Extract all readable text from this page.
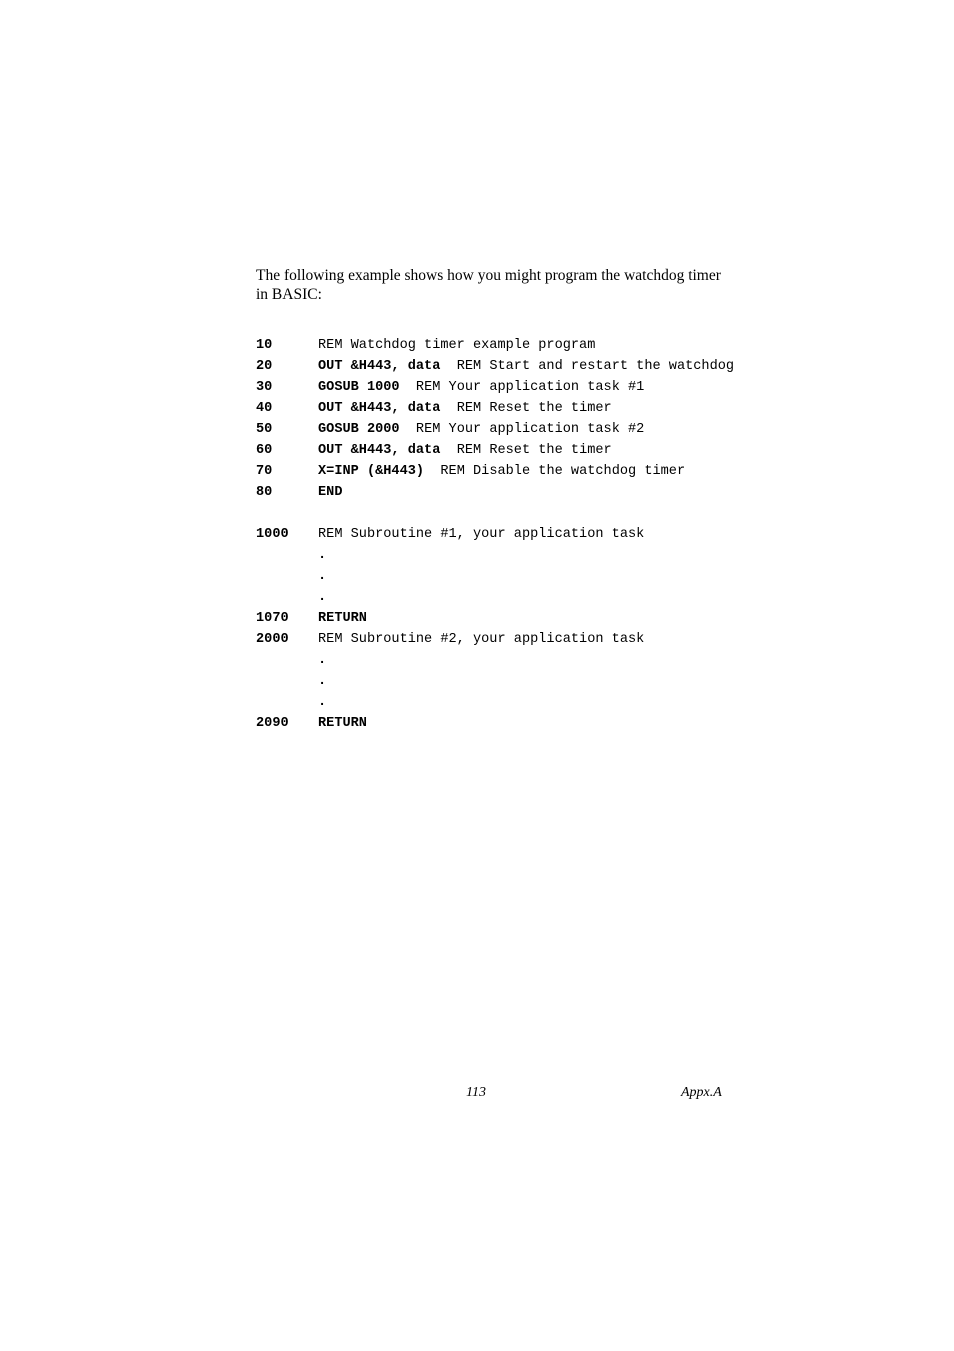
The following example shows how you might program the watchdog timer in BASIC:

10	REM Watchdog timer example program
20	OUT &H443, data REM Start and restart the watchdog
30	GOSUB 1000 REM Your application task #1
40	OUT &H443, data REM Reset the timer
50	GOSUB 2000 REM Your application task #2
60	OUT &H443, data REM Reset the timer
70	X=INP (&H443) REM Disable the watchdog timer
80	END
1000 REM Subroutine #1, your application task
.
.
.
1070 RETURN
2000 REM Subroutine #2, your application task
.
.
.
2090 RETURN
113	Appx.A
